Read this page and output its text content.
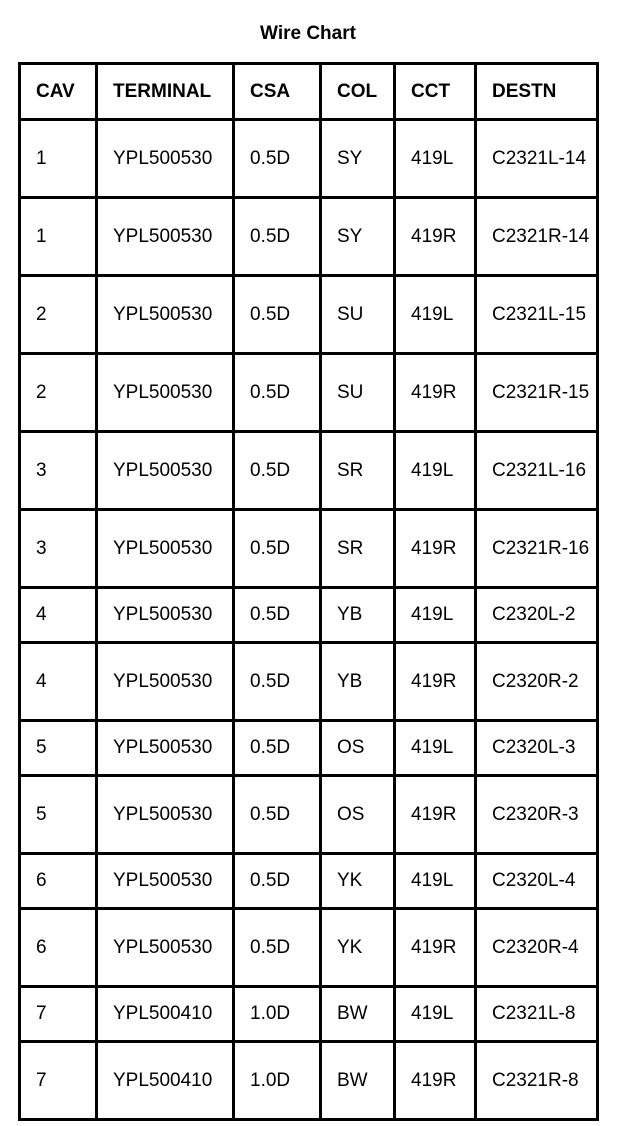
Wire Chart
CAV	TERMINAL	CSA	COL	CCT	DESTN
1	YPL500530	0.5D	SY	419L	C2321L-14
1	YPL500530	0.5D	SY	419R	C2321R-14
2	YPL500530	0.5D	SU	419L	C2321L-15
2	YPL500530	0.5D	SU	419R	C2321R-15
3	YPL500530	0.5D	SR	419L	C2321L-16
3	YPL500530	0.5D	SR	419R	C2321R-16
4	YPL500530	0.5D	YB	419L	C2320L-2
4	YPL500530	0.5D	YB	419R	C2320R-2
5	YPL500530	0.5D	OS	419L	C2320L-3
5	YPL500530	0.5D	OS	419R	C2320R-3
6	YPL500530	0.5D	YK	419L	C2320L-4
6	YPL500530	0.5D	YK	419R	C2320R-4
7	YPL500410	1.0D	BW	419L	C2321L-8
7	YPL500410	1.0D	BW	419R	C2321R-8
